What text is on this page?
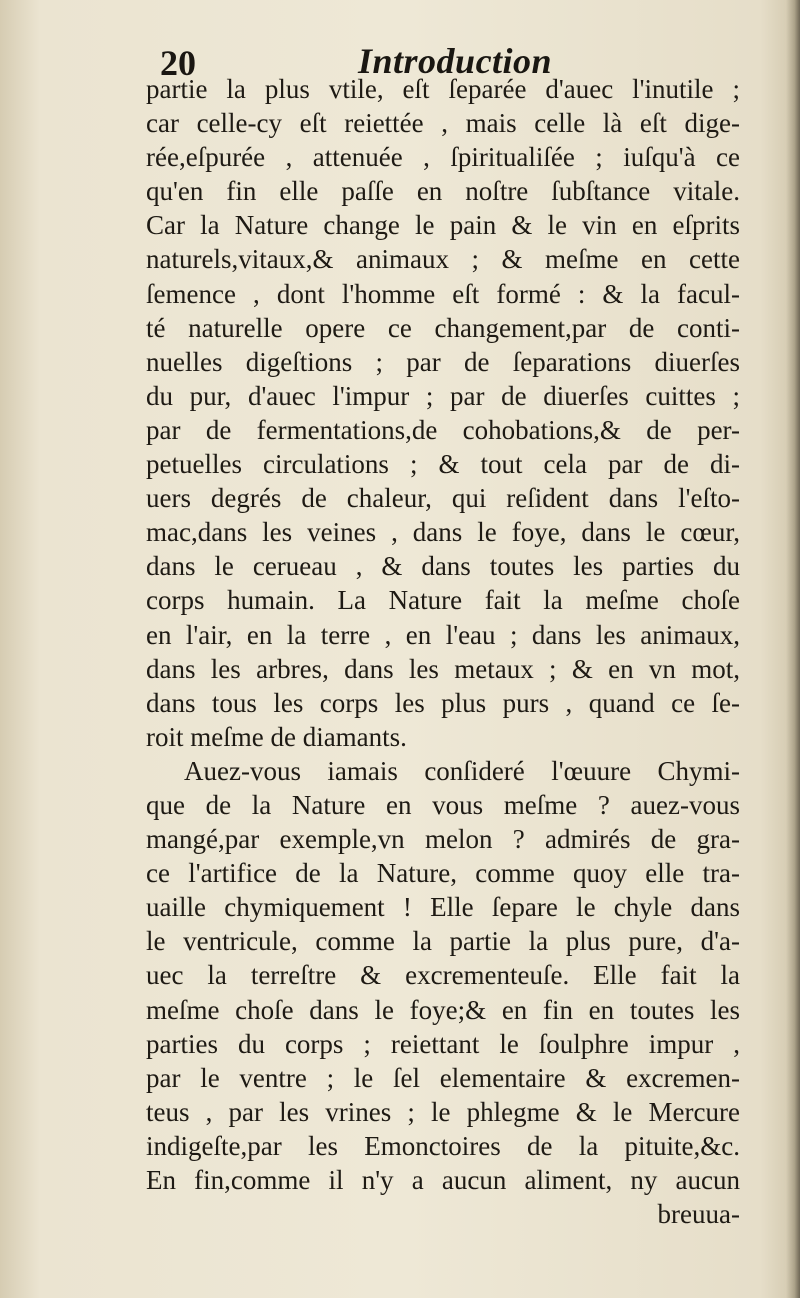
20	Introduction
partie la plus vtile, eſt ſeparée d'auec l'inutile ;
car celle-cy eſt reiettée , mais celle là eſt dige-
rée,eſpurée , attenuée , ſpiritualiſée ; iuſqu'à ce
qu'en fin elle paſſe en noſtre ſubſtance vitale.
Car la Nature change le pain & le vin en eſprits
naturels,vitaux,& animaux ; & meſme en cette
ſemence , dont l'homme eſt formé : & la facul-
té naturelle opere ce changement,par de conti-
nuelles digeſtions ; par de ſeparations diuerſes
du pur, d'auec l'impur ; par de diuerſes cuittes ;
par de fermentations,de cohobations,& de per-
petuelles circulations ; & tout cela par de di-
uers degrés de chaleur, qui reſident dans l'eſto-
mac,dans les veines , dans le foye, dans le cœur,
dans le cerueau , & dans toutes les parties du
corps humain. La Nature fait la meſme choſe
en l'air, en la terre , en l'eau ; dans les animaux,
dans les arbres, dans les metaux ; & en vn mot,
dans tous les corps les plus purs , quand ce ſe-
roit meſme de diamants.
Auez-vous iamais conſideré l'œuure Chymi-
que de la Nature en vous meſme ? auez-vous
mangé,par exemple,vn melon ? admirés de gra-
ce l'artifice de la Nature, comme quoy elle tra-
uaille chymiquement ! Elle ſepare le chyle dans
le ventricule, comme la partie la plus pure, d'a-
uec la terreſtre & excrementeuſe. Elle fait la
meſme choſe dans le foye;& en fin en toutes les
parties du corps ; reiettant le ſoulphre impur ,
par le ventre ; le ſel elementaire & excremen-
teus , par les vrines ; le phlegme & le Mercure
indigeſte,par les Emonctoires de la pituite,&c.
En fin,comme il n'y a aucun aliment, ny aucun
breuua-
